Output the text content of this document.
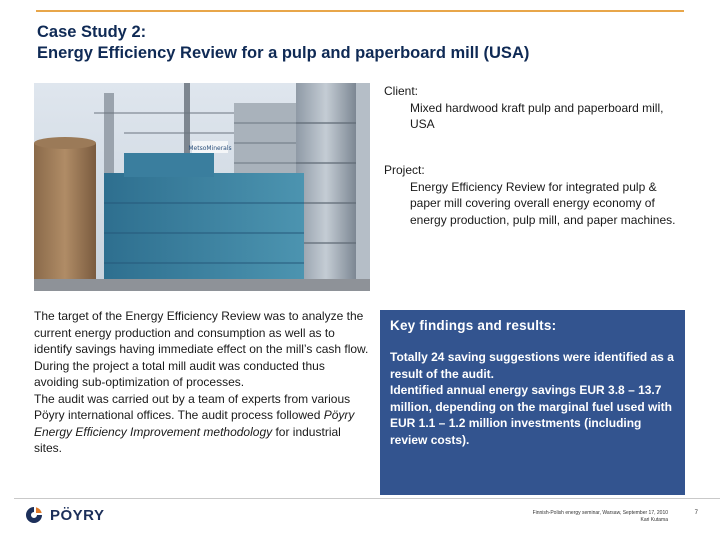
Case Study 2:
Energy Efficiency Review for a pulp and paperboard mill (USA)
MetsoMinerals
Client:
Mixed hardwood kraft pulp and paperboard mill, USA
Project:
Energy Efficiency Review for integrated pulp & paper mill covering overall energy economy of energy production, pulp mill, and paper machines.

The target of the Energy Efficiency Review was to analyze the current energy production and consumption as well as to identify savings having immediate effect on the mill’s cash flow.

During the project a total mill audit was conducted thus avoiding sub-optimization of processes.

The audit was carried out by a team of experts from various Pöyry international offices. The audit process followed Pöyry Energy Efficiency Improvement methodology for industrial sites.

Key findings and results:

Totally 24 saving suggestions were identified as a result of the audit.

Identified annual energy savings EUR 3.8 – 13.7 million, depending on the marginal fuel used with EUR 1.1 – 1.2 million investments (including review costs).

PÖYRY	Finnish-Polish energy seminar, Warsaw, September 17, 2010
Kari Kutama
7
